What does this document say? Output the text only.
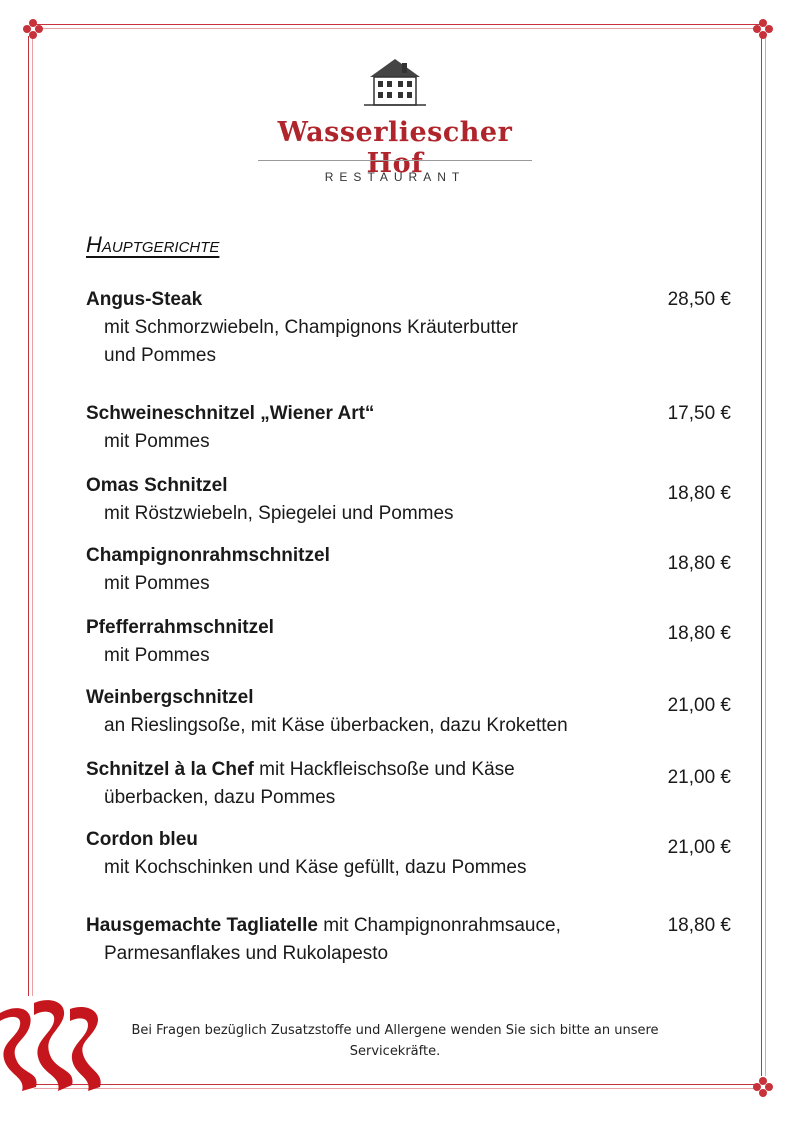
Wasserliescher Hof
RESTAURANT
Hauptgerichte
Angus-Steak
mit Schmorzwiebeln, Champignons Kräuterbutter
und Pommes
28,50 €
Schweineschnitzel „Wiener Art“
mit Pommes
17,50 €
Omas Schnitzel
mit Röstzwiebeln, Spiegelei und Pommes
18,80 €
Champignonrahmschnitzel
mit Pommes
18,80 €
Pfefferrahmschnitzel
mit Pommes
18,80 €
Weinbergschnitzel
an Rieslingsoße, mit Käse überbacken, dazu Kroketten
21,00 €
Schnitzel à la Chef mit Hackfleischsoße und Käse
überbacken, dazu Pommes
21,00 €
Cordon bleu
mit Kochschinken und Käse gefüllt, dazu Pommes
21,00 €
Hausgemachte Tagliatelle mit Champignonrahmsauce,
Parmesanflakes und Rukolapesto
18,80 €
Bei Fragen bezüglich Zusatzstoffe und Allergene wenden Sie sich bitte an unsere Servicekräfte.
